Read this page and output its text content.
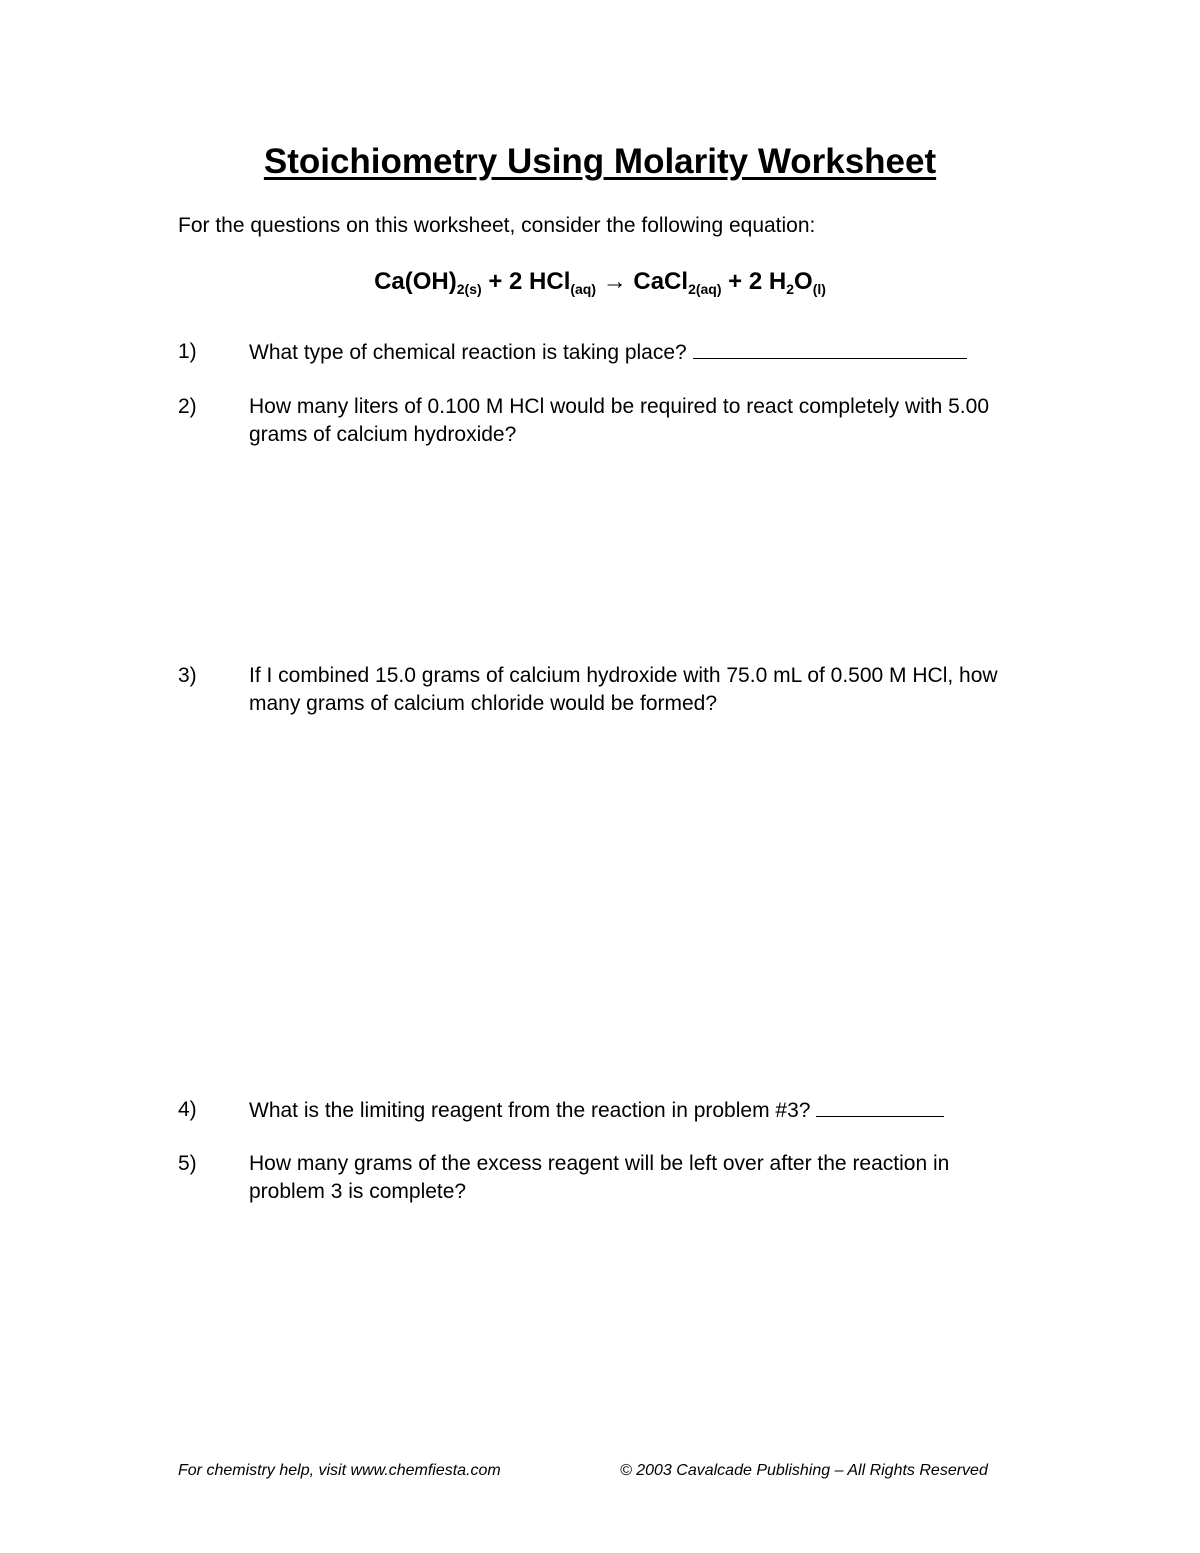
Stoichiometry Using Molarity Worksheet
For the questions on this worksheet, consider the following equation:
$Ca(OH)_{2(s)} + 2$ HCl$_{(aq)}$ → CaCl$_{2(aq)}$ + 2 $H_2O_{(l)}$
1)	What type of chemical reaction is taking place?
2)	How many liters of 0.100 M HCl would be required to react completely with 5.00 grams of calcium hydroxide?
3)	If I combined 15.0 grams of calcium hydroxide with 75.0 mL of 0.500 M HCl, how many grams of calcium chloride would be formed?
4)	What is the limiting reagent from the reaction in problem #3?
5)	How many grams of the excess reagent will be left over after the reaction in problem 3 is complete?
For chemistry help, visit www.chemfiesta.com	© 2003 Cavalcade Publishing – All Rights Reserved
